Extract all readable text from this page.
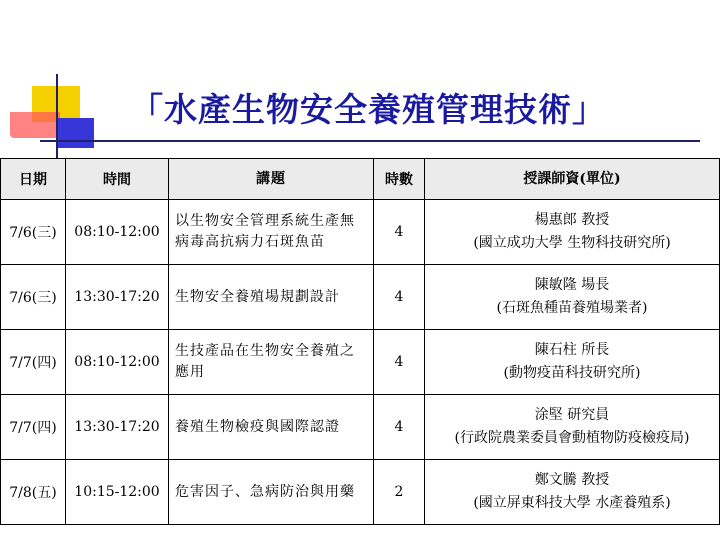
「水產生物安全養殖管理技術」
日期	時間	講題	時數	授課師資(單位)
7/6(三)	08:10-12:00	以生物安全管理系統生產無病毒高抗病力石斑魚苗	4	楊惠郎 教授
(國立成功大學 生物科技研究所)

7/6(三)	13:30-17:20	生物安全養殖場規劃設計	4	陳敏隆 場長
(石斑魚種苗養殖場業者)

7/7(四)	08:10-12:00	生技產品在生物安全養殖之應用	4	陳石柱 所長
(動物疫苗科技研究所)

7/7(四)	13:30-17:20	養殖生物檢疫與國際認證	4	涂堅 研究員
(行政院農業委員會動植物防疫檢疫局)

7/8(五)	10:15-12:00	危害因子、急病防治與用藥	2	鄭文騰 教授
(國立屏東科技大學 水產養殖系)
